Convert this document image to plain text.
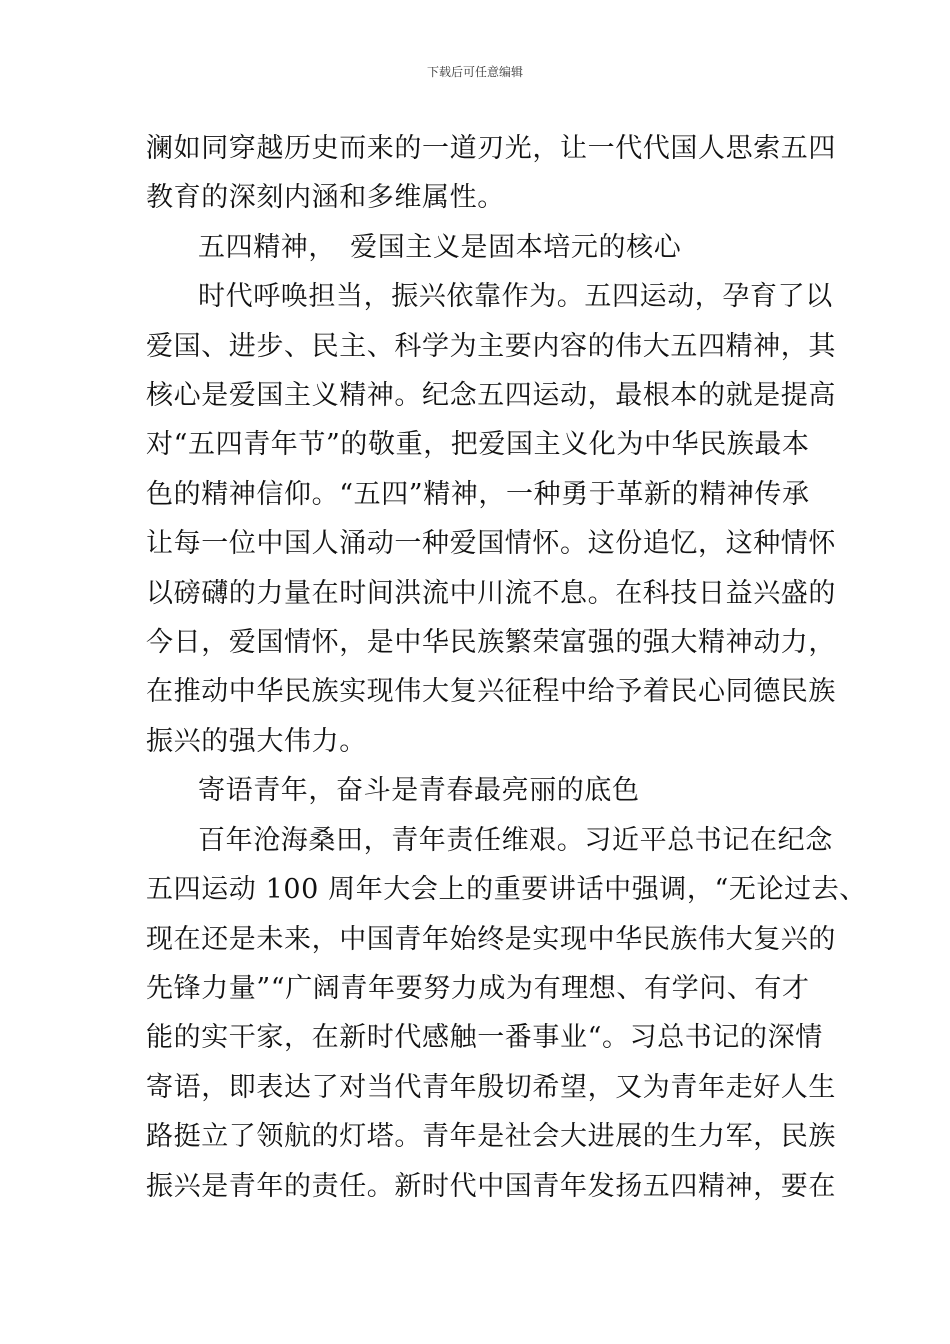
下载后可任意编辑

澜如同穿越历史而来的一道刃光，让一代代国人思索五四
教育的深刻内涵和多维属性。

五四精神，　爱国主义是固本培元的核心

时代呼唤担当，振兴依靠作为。五四运动，孕育了以
爱国、进步、民主、科学为主要内容的伟大五四精神，其
核心是爱国主义精神。纪念五四运动，最根本的就是提高
对“五四青年节”的敬重，把爱国主义化为中华民族最本
色的精神信仰。“五四”精神，一种勇于革新的精神传承
让每一位中国人涌动一种爱国情怀。这份追忆，这种情怀
以磅礴的力量在时间洪流中川流不息。在科技日益兴盛的
今日，爱国情怀，是中华民族繁荣富强的强大精神动力，
在推动中华民族实现伟大复兴征程中给予着民心同德民族
振兴的强大伟力。

寄语青年，奋斗是青春最亮丽的底色

百年沧海桑田，青年责任维艰。习近平总书记在纪念
五四运动 100 周年大会上的重要讲话中强调，“无论过去、
现在还是未来，中国青年始终是实现中华民族伟大复兴的
先锋力量”“广阔青年要努力成为有理想、有学问、有才
能的实干家，在新时代感触一番事业“。习总书记的深情
寄语，即表达了对当代青年殷切希望，又为青年走好人生
路挺立了领航的灯塔。青年是社会大进展的生力军，民族
振兴是青年的责任。新时代中国青年发扬五四精神，要在
